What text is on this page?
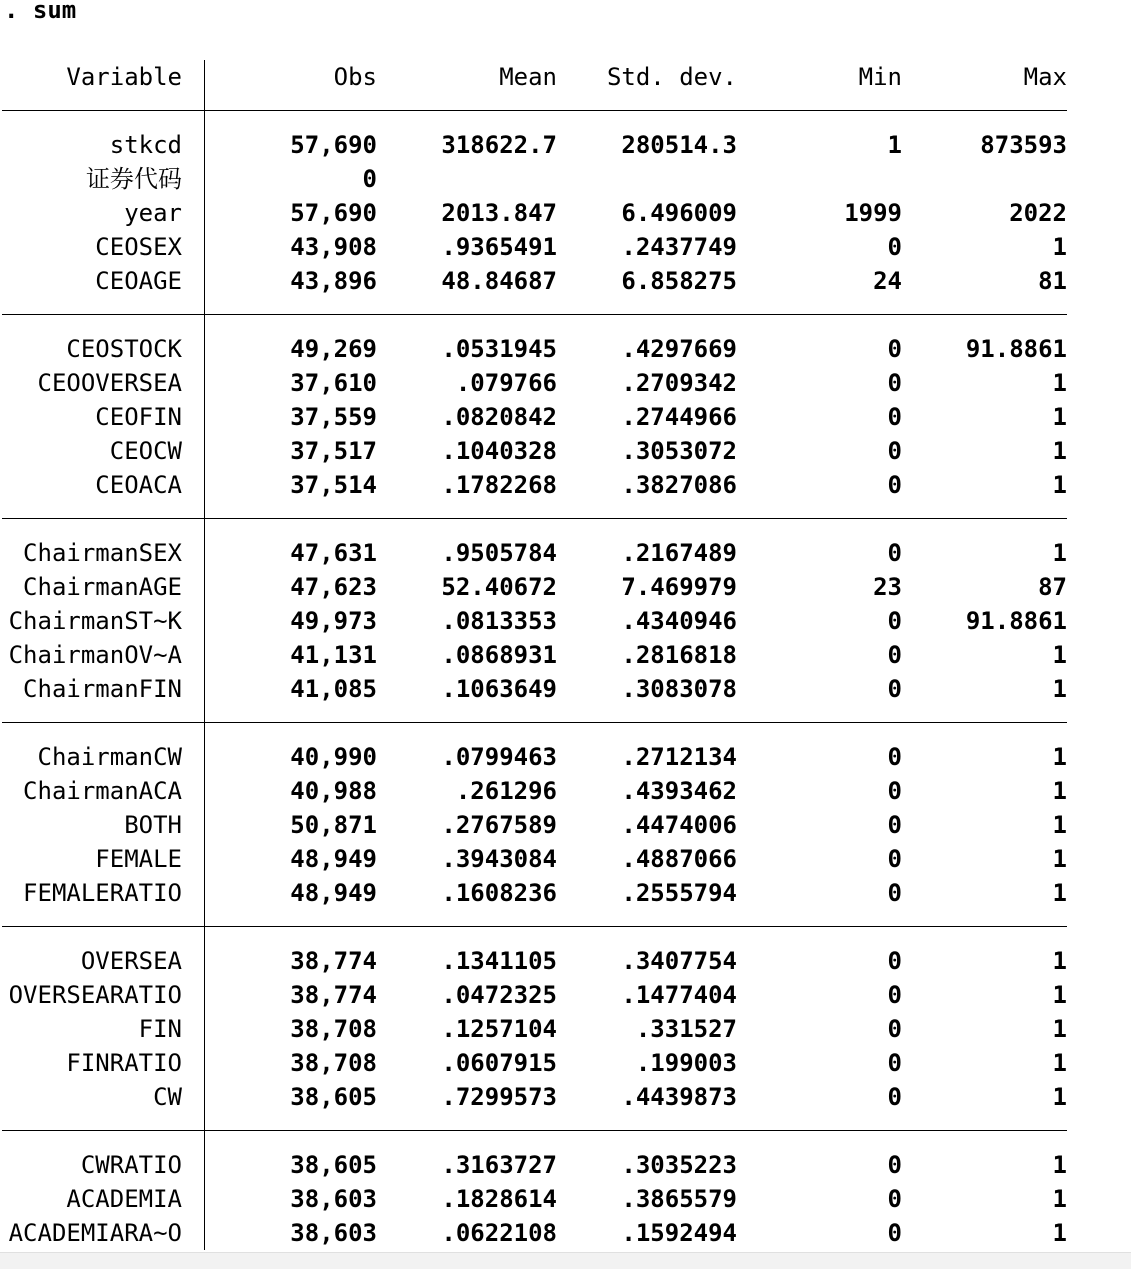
. sum
Variable	Obs	Mean	Std. dev.	Min	Max
stkcd	57,690	318622.7	280514.3	1	873593
证券代码	0
year	57,690	2013.847	6.496009	1999	2022
CEOSEX	43,908	.9365491	.2437749	0	1
CEOAGE	43,896	48.84687	6.858275	24	81
CEOSTOCK	49,269	.0531945	.4297669	0	91.8861
CEOOVERSEA	37,610	.079766	.2709342	0	1
CEOFIN	37,559	.0820842	.2744966	0	1
CEOCW	37,517	.1040328	.3053072	0	1
CEOACA	37,514	.1782268	.3827086	0	1
ChairmanSEX	47,631	.9505784	.2167489	0	1
ChairmanAGE	47,623	52.40672	7.469979	23	87
ChairmanST~K	49,973	.0813353	.4340946	0	91.8861
ChairmanOV~A	41,131	.0868931	.2816818	0	1
ChairmanFIN	41,085	.1063649	.3083078	0	1
ChairmanCW	40,990	.0799463	.2712134	0	1
ChairmanACA	40,988	.261296	.4393462	0	1
BOTH	50,871	.2767589	.4474006	0	1
FEMALE	48,949	.3943084	.4887066	0	1
FEMALERATIO	48,949	.1608236	.2555794	0	1
OVERSEA	38,774	.1341105	.3407754	0	1
OVERSEARATIO	38,774	.0472325	.1477404	0	1
FIN	38,708	.1257104	.331527	0	1
FINRATIO	38,708	.0607915	.199003	0	1
CW	38,605	.7299573	.4439873	0	1
CWRATIO	38,605	.3163727	.3035223	0	1
ACADEMIA	38,603	.1828614	.3865579	0	1
ACADEMIARA~O	38,603	.0622108	.1592494	0	1
